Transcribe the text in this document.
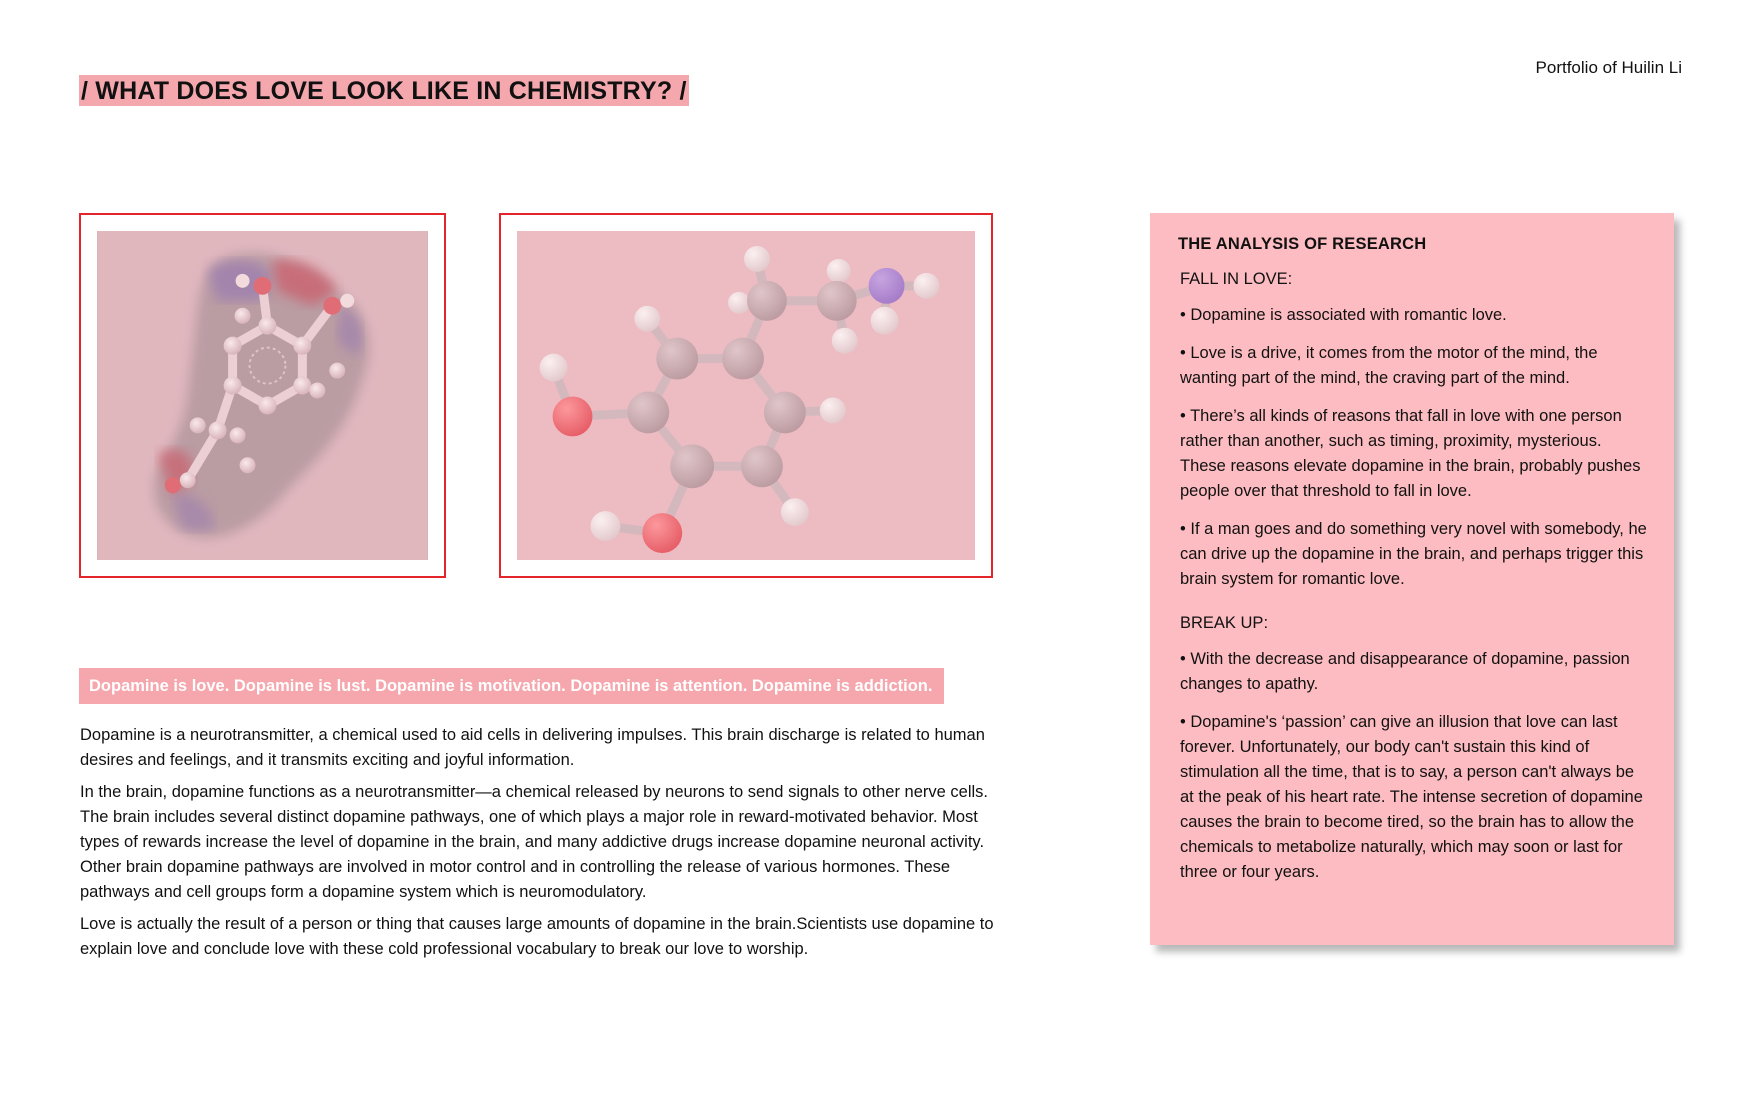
Portfolio of Huilin Li
/ WHAT DOES LOVE LOOK LIKE IN CHEMISTRY? /
Dopamine is love. Dopamine is lust. Dopamine is motivation. Dopamine is attention. Dopamine is addiction.

Dopamine is a neurotransmitter, a chemical used to aid cells in delivering impulses. This brain discharge is related to human desires and feelings, and it transmits exciting and joyful information.

In the brain, dopamine functions as a neurotransmitter—a chemical released by neurons to send signals to other nerve cells. The brain includes several distinct dopamine pathways, one of which plays a major role in reward-motivated behavior. Most types of rewards increase the level of dopamine in the brain, and many addictive drugs increase dopamine neuronal activity. Other brain dopamine pathways are involved in motor control and in controlling the release of various hormones. These pathways and cell groups form a dopamine system which is neuromodulatory.

Love is actually the result of a person or thing that causes large amounts of dopamine in the brain.Scientists use dopamine to explain love and conclude love with these cold professional vocabulary to break our love to worship.

THE ANALYSIS OF RESEARCH
FALL IN LOVE:

• Dopamine is associated with romantic love.

• Love is a drive, it comes from the motor of the mind, the wanting part of the mind, the craving part of the mind.

• There’s all kinds of reasons that fall in love with one person rather than another, such as timing, proximity, mysterious. These reasons elevate dopamine in the brain, probably pushes people over that threshold to fall in love.

• If a man goes and do something very novel with somebody, he can drive up the dopamine in the brain, and perhaps trigger this brain system for romantic love.

BREAK UP:

• With the decrease and disappearance of dopamine, passion changes to apathy.

• Dopamine's ‘passion’ can give an illusion that love can last forever. Unfortunately, our body can't sustain this kind of stimulation all the time, that is to say, a person can't always be at the peak of his heart rate. The intense secretion of dopamine causes the brain to become tired, so the brain has to allow the chemicals to metabolize naturally, which may soon or last for three or four years.
